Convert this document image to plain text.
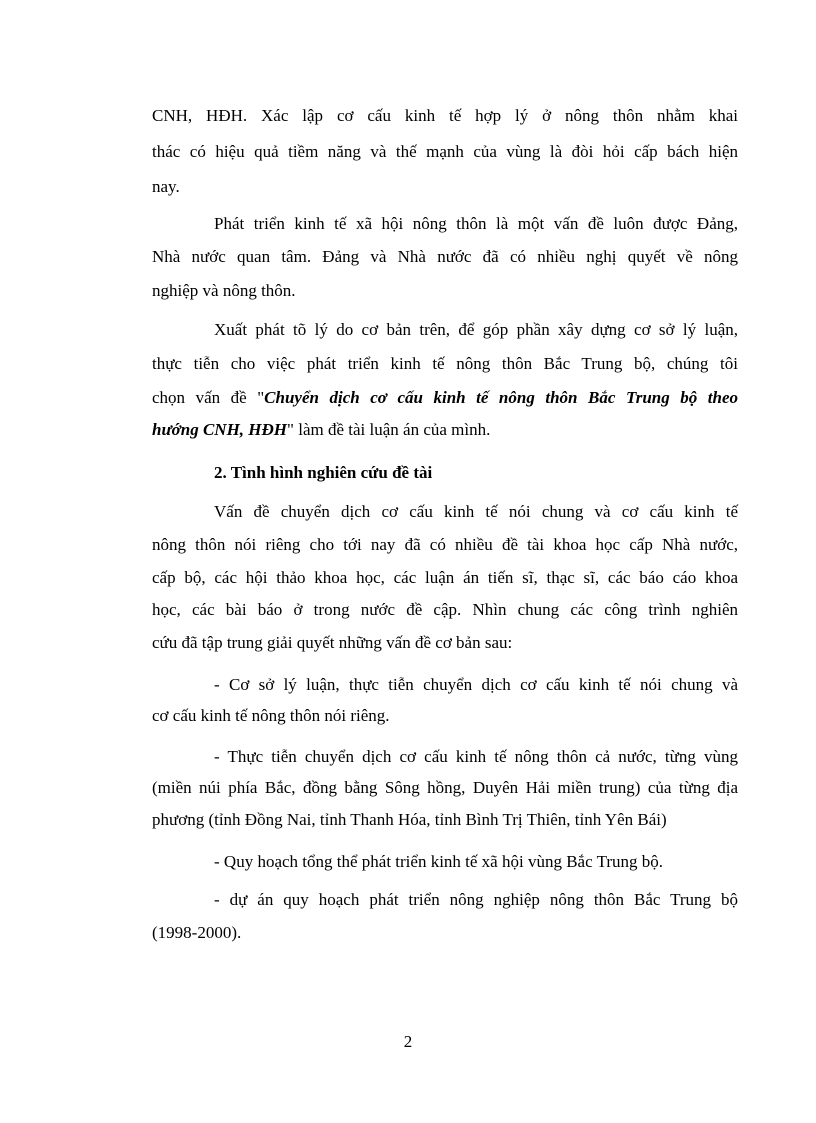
CNH, HĐH. Xác lập cơ cấu kinh tế hợp lý ở nông thôn nhằm khai
thác có hiệu quả tiềm năng và thế mạnh của vùng là đòi hỏi cấp bách hiện
nay.
Phát triển kinh tế xã hội nông thôn là một vấn đề luôn được Đảng,
Nhà nước quan tâm. Đảng và Nhà nước đã có nhiều nghị quyết về nông
nghiệp và nông thôn.
Xuất phát tõ lý do cơ bản trên, để góp phần xây dựng cơ sở lý luận,
thực tiễn cho việc phát triển kinh tế nông thôn Bắc Trung bộ, chúng tôi
chọn vấn đề "Chuyển dịch cơ cấu kinh tế nông thôn Bắc Trung bộ theo
hướng CNH, HĐH" làm đề tài luận án của mình.
2. Tình hình nghiên cứu đề tài
Vấn đề chuyển dịch cơ cấu kinh tế nói chung và cơ cấu kinh tế
nông thôn nói riêng cho tới nay đã có nhiều đề tài khoa học cấp Nhà nước,
cấp bộ, các hội thảo khoa học, các luận án tiến sĩ, thạc sĩ, các báo cáo khoa
học, các bài báo ở trong nước đề cập. Nhìn chung các công trình nghiên
cứu đã tập trung giải quyết những vấn đề cơ bản sau:
- Cơ sở lý luận, thực tiễn chuyển dịch cơ cấu kinh tế nói chung và
cơ cấu kinh tế nông thôn nói riêng.
- Thực tiễn chuyển dịch cơ cấu kinh tế nông thôn cả nước, từng vùng
(miền núi phía Bắc, đồng bằng Sông hồng, Duyên Hải miền trung) của từng địa
phương (tỉnh Đồng Nai, tỉnh Thanh Hóa, tỉnh Bình Trị Thiên, tỉnh Yên Bái)
- Quy hoạch tổng thể phát triển kinh tế xã hội vùng Bắc Trung bộ.
- dự án quy hoạch phát triển nông nghiệp nông thôn Bắc Trung bộ
(1998-2000).
2
